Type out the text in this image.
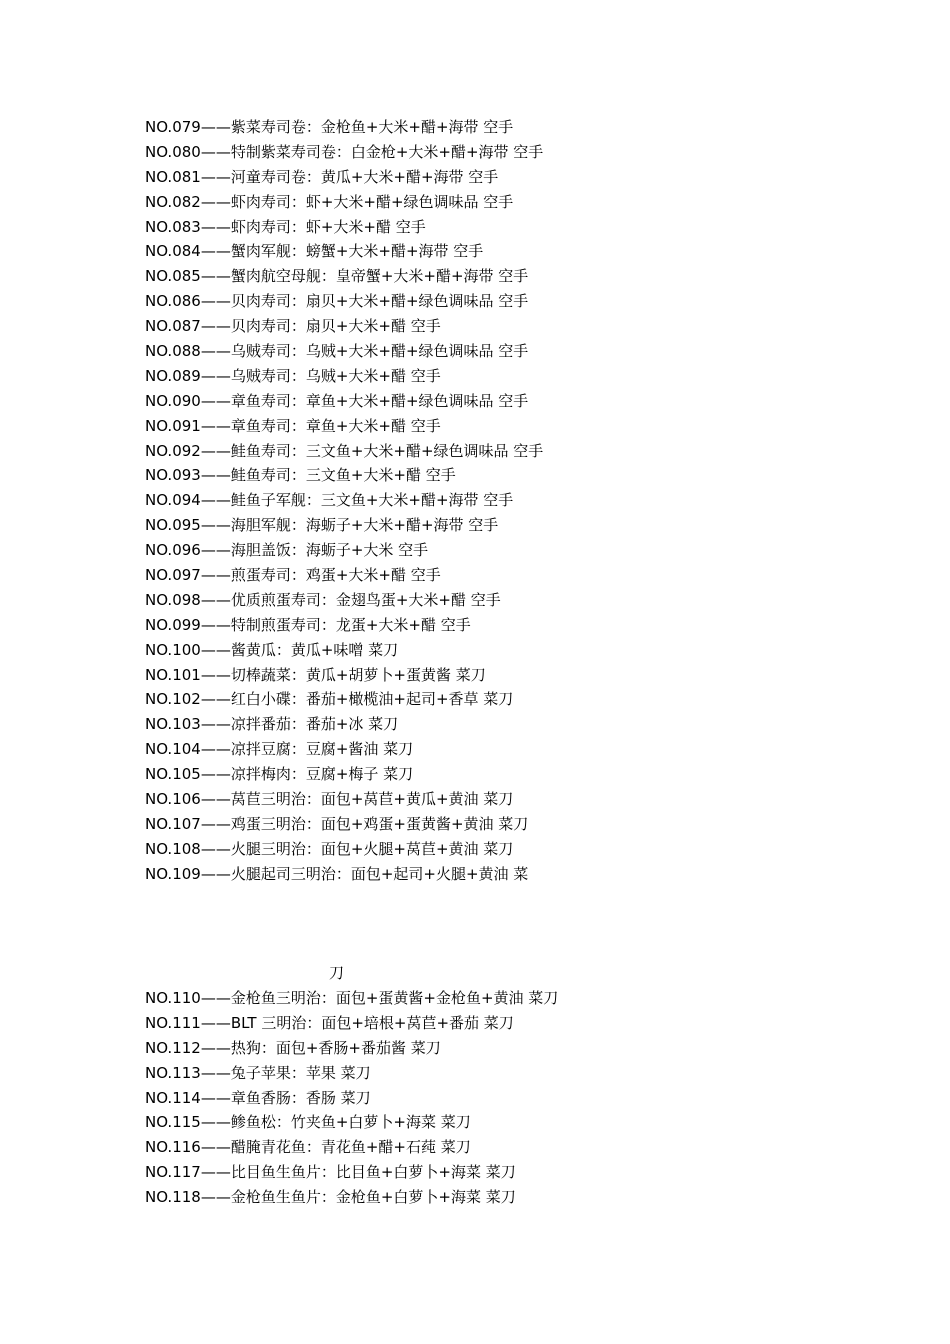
NO.079——紫菜寿司卷：金枪鱼+大米+醋+海带 空手
NO.080——特制紫菜寿司卷：白金枪+大米+醋+海带 空手
NO.081——河童寿司卷：黄瓜+大米+醋+海带 空手
NO.082——虾肉寿司：虾+大米+醋+绿色调味品 空手
NO.083——虾肉寿司：虾+大米+醋 空手
NO.084——蟹肉军舰：螃蟹+大米+醋+海带 空手
NO.085——蟹肉航空母舰：皇帝蟹+大米+醋+海带 空手
NO.086——贝肉寿司：扇贝+大米+醋+绿色调味品 空手
NO.087——贝肉寿司：扇贝+大米+醋 空手
NO.088——乌贼寿司：乌贼+大米+醋+绿色调味品 空手
NO.089——乌贼寿司：乌贼+大米+醋 空手
NO.090——章鱼寿司：章鱼+大米+醋+绿色调味品 空手
NO.091——章鱼寿司：章鱼+大米+醋 空手
NO.092——鲑鱼寿司：三文鱼+大米+醋+绿色调味品 空手
NO.093——鲑鱼寿司：三文鱼+大米+醋 空手
NO.094——鲑鱼子军舰：三文鱼+大米+醋+海带 空手
NO.095——海胆军舰：海蛎子+大米+醋+海带 空手
NO.096——海胆盖饭：海蛎子+大米 空手
NO.097——煎蛋寿司：鸡蛋+大米+醋 空手
NO.098——优质煎蛋寿司：金翅鸟蛋+大米+醋 空手
NO.099——特制煎蛋寿司：龙蛋+大米+醋 空手
NO.100——酱黄瓜：黄瓜+味噌 菜刀
NO.101——切棒蔬菜：黄瓜+胡萝卜+蛋黄酱 菜刀
NO.102——红白小碟：番茄+橄榄油+起司+香草 菜刀
NO.103——凉拌番茄：番茄+冰 菜刀
NO.104——凉拌豆腐：豆腐+酱油 菜刀
NO.105——凉拌梅肉：豆腐+梅子 菜刀
NO.106——莴苣三明治：面包+莴苣+黄瓜+黄油 菜刀
NO.107——鸡蛋三明治：面包+鸡蛋+蛋黄酱+黄油 菜刀
NO.108——火腿三明治：面包+火腿+莴苣+黄油 菜刀
NO.109——火腿起司三明治：面包+起司+火腿+黄油 菜
刀
NO.110——金枪鱼三明治：面包+蛋黄酱+金枪鱼+黄油 菜刀
NO.111——BLT 三明治：面包+培根+莴苣+番茄 菜刀
NO.112——热狗：面包+香肠+番茄酱 菜刀
NO.113——兔子苹果：苹果 菜刀
NO.114——章鱼香肠：香肠 菜刀
NO.115——鲹鱼松：竹夹鱼+白萝卜+海菜 菜刀
NO.116——醋腌青花鱼：青花鱼+醋+石莼 菜刀
NO.117——比目鱼生鱼片：比目鱼+白萝卜+海菜 菜刀
NO.118——金枪鱼生鱼片：金枪鱼+白萝卜+海菜 菜刀
